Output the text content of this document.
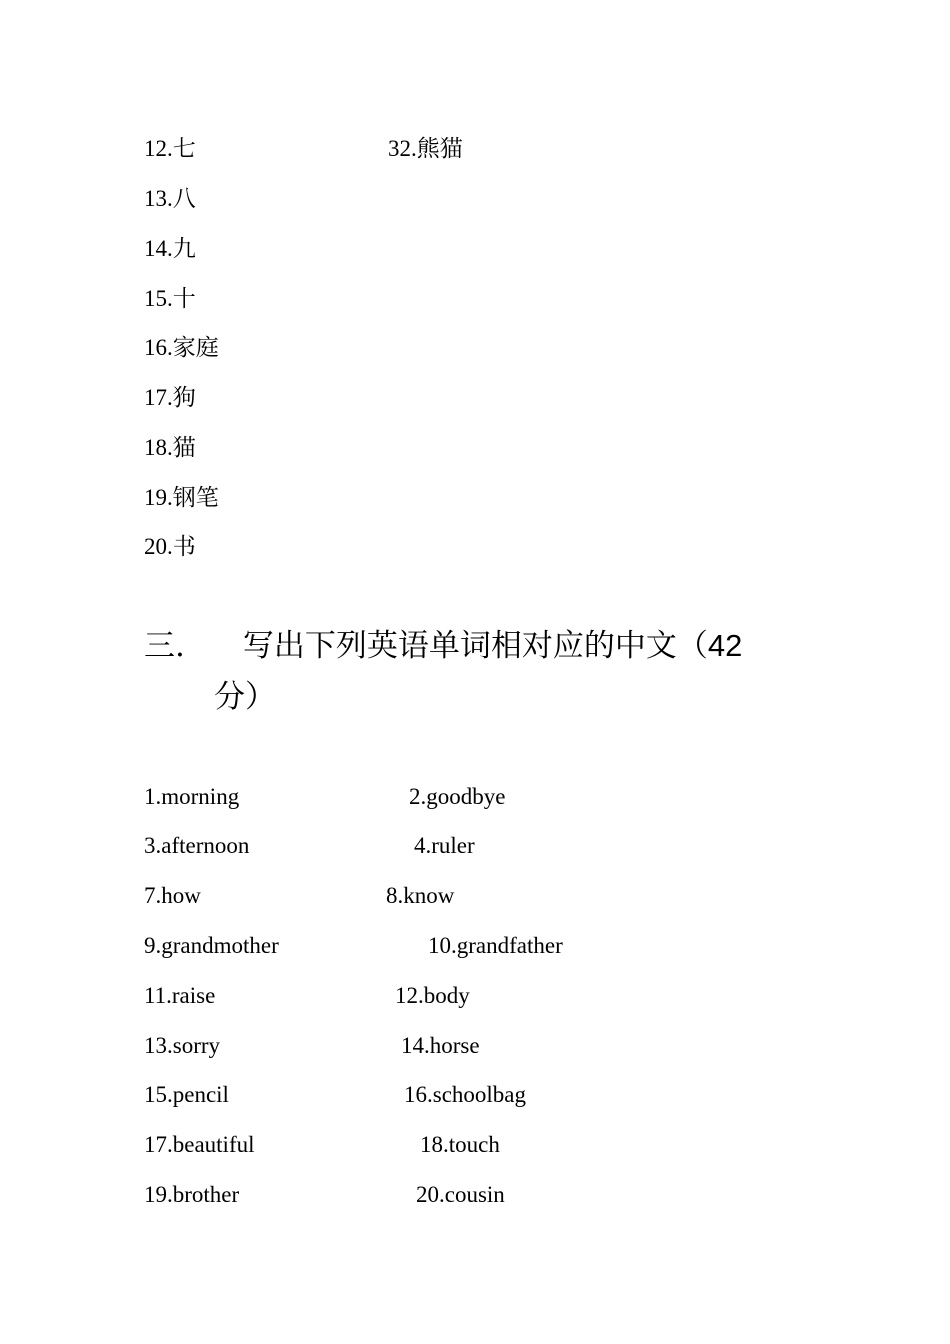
12.七	32.熊猫
13.八
14.九
15.十
16.家庭
17.狗
18.猫
19.钢笔
20.书
三. 写出下列英语单词相对应的中文（42
分）
1.morning	2.goodbye
3.afternoon	4.ruler
7.how	8.know
9.grandmother	10.grandfather
11.raise	12.body
13.sorry	14.horse
15.pencil	16.schoolbag
17.beautiful	18.touch
19.brother	20.cousin
